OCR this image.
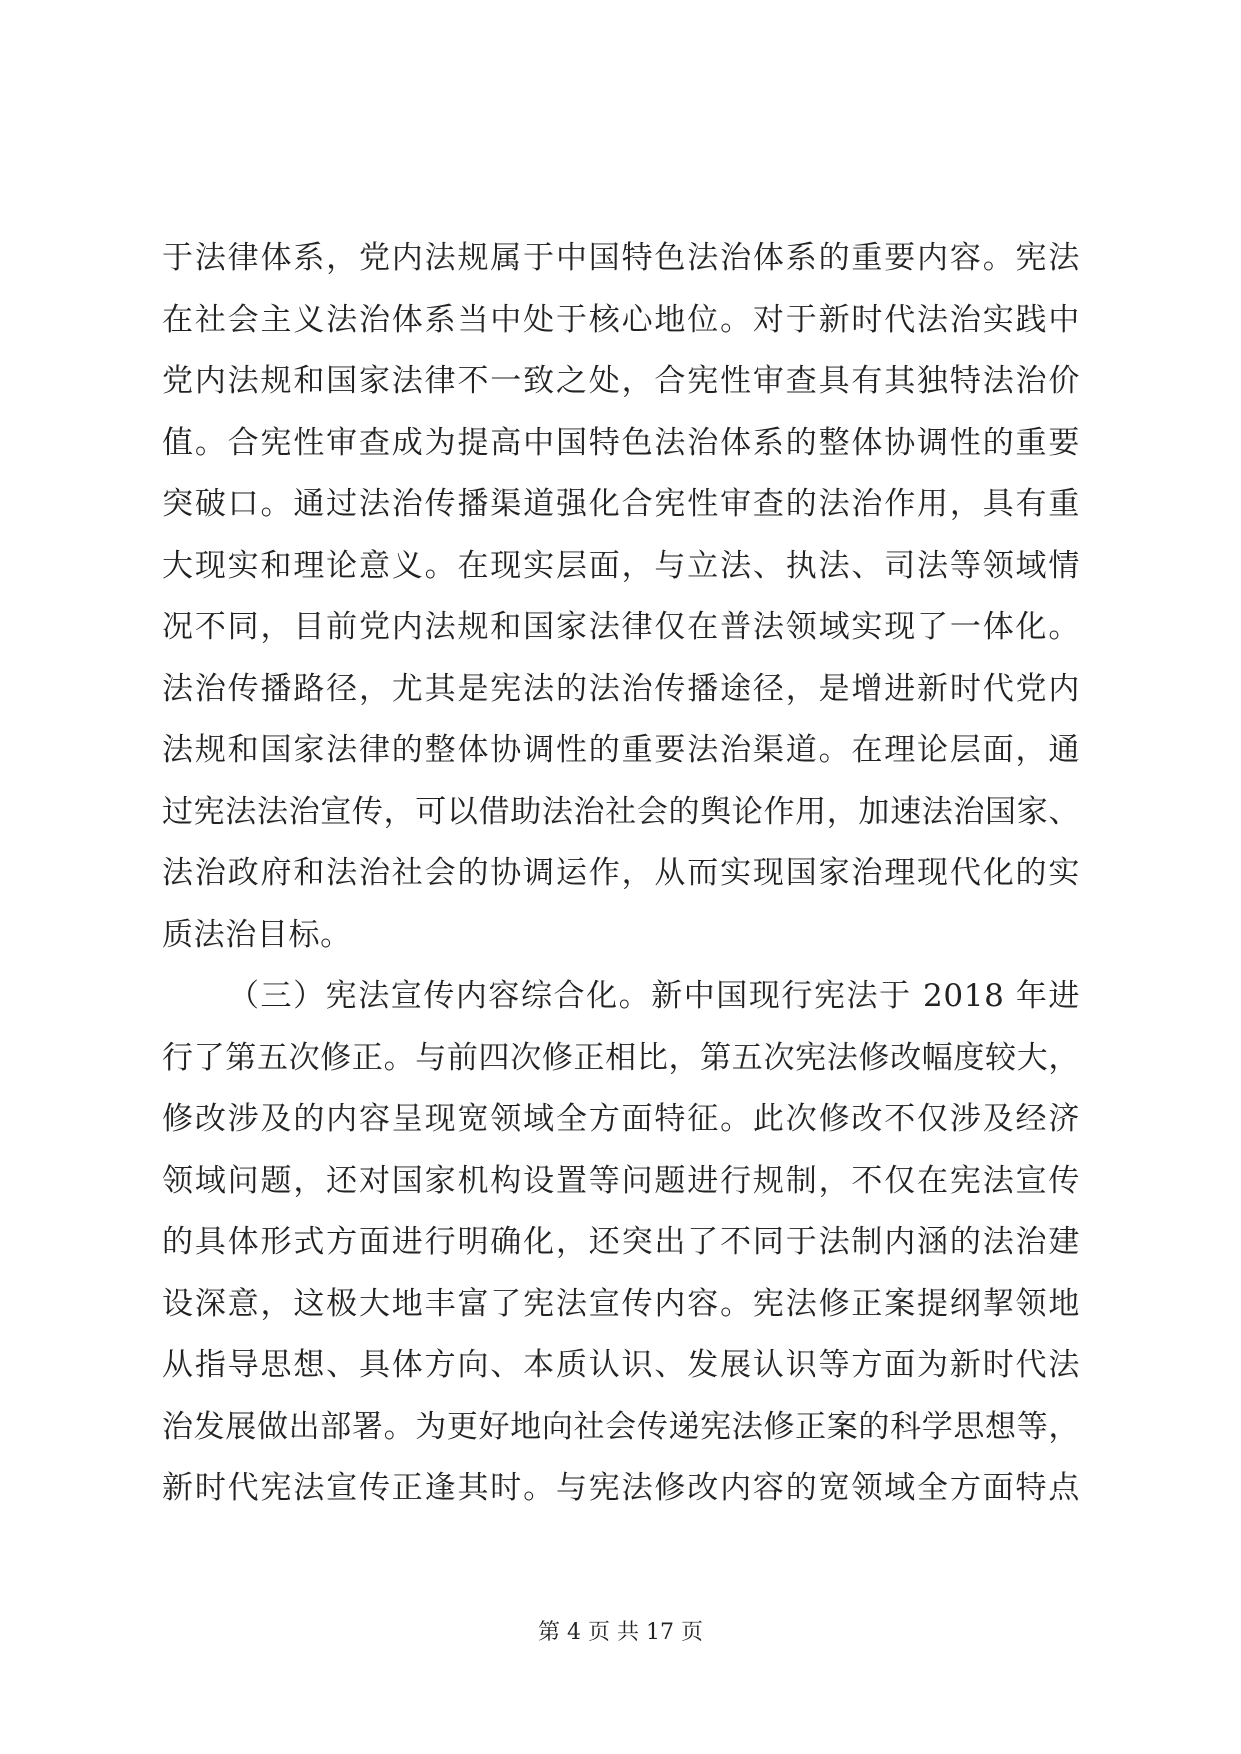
于法律体系，党内法规属于中国特色法治体系的重要内容。宪法
在社会主义法治体系当中处于核心地位。对于新时代法治实践中
党内法规和国家法律不一致之处，合宪性审查具有其独特法治价
值。合宪性审查成为提高中国特色法治体系的整体协调性的重要
突破口。通过法治传播渠道强化合宪性审查的法治作用，具有重
大现实和理论意义。在现实层面，与立法、执法、司法等领域情
况不同，目前党内法规和国家法律仅在普法领域实现了一体化。
法治传播路径，尤其是宪法的法治传播途径，是增进新时代党内
法规和国家法律的整体协调性的重要法治渠道。在理论层面，通
过宪法法治宣传，可以借助法治社会的舆论作用，加速法治国家、
法治政府和法治社会的协调运作，从而实现国家治理现代化的实
质法治目标。
（三）宪法宣传内容综合化。新中国现行宪法于 2018 年进
行了第五次修正。与前四次修正相比，第五次宪法修改幅度较大，
修改涉及的内容呈现宽领域全方面特征。此次修改不仅涉及经济
领域问题，还对国家机构设置等问题进行规制，不仅在宪法宣传
的具体形式方面进行明确化，还突出了不同于法制内涵的法治建
设深意，这极大地丰富了宪法宣传内容。宪法修正案提纲挈领地
从指导思想、具体方向、本质认识、发展认识等方面为新时代法
治发展做出部署。为更好地向社会传递宪法修正案的科学思想等，
新时代宪法宣传正逢其时。与宪法修改内容的宽领域全方面特点
第 4 页 共 17 页
